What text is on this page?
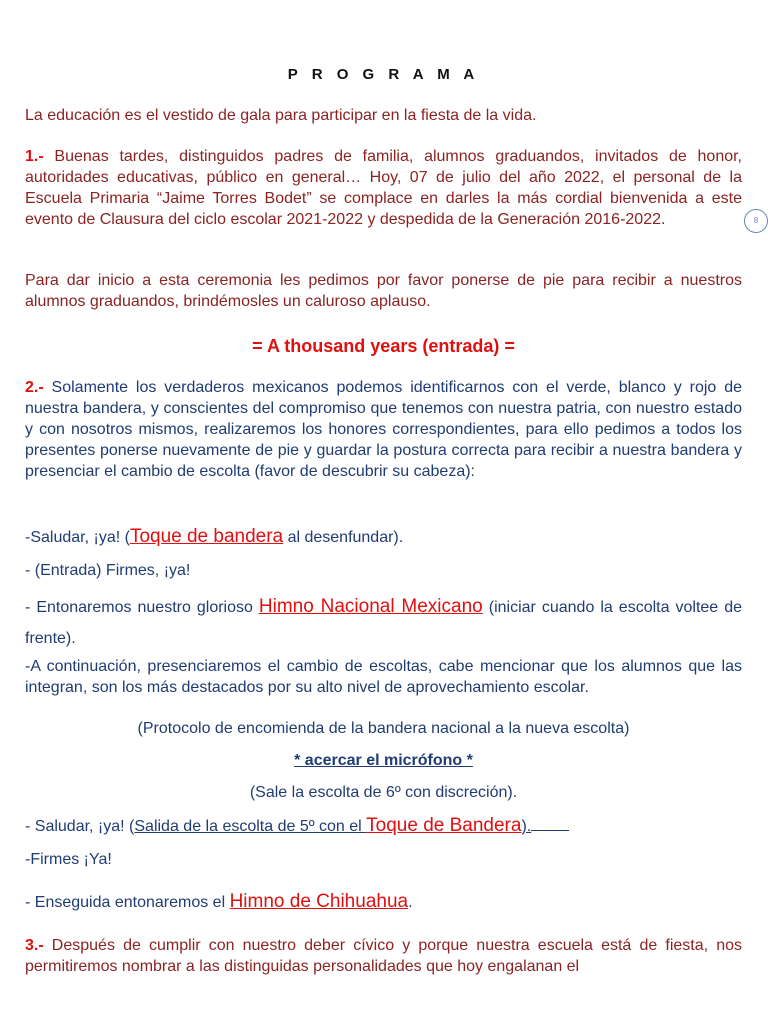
P R O G R A M A

La educación es el vestido de gala para participar en la fiesta de la vida.

1.- Buenas tardes, distinguidos padres de familia, alumnos graduandos, invitados de honor, autoridades educativas, público en general… Hoy, 07 de julio del año 2022, el personal de la Escuela Primaria “Jaime Torres Bodet” se complace en darles la más cordial bienvenida a este evento de Clausura del ciclo escolar 2021-2022 y despedida de la Generación 2016-2022.

Para dar inicio a esta ceremonia les pedimos por favor ponerse de pie para recibir a nuestros alumnos graduandos, brindémosles un caluroso aplauso.

= A thousand years (entrada) =

2.- Solamente los verdaderos mexicanos podemos identificarnos con el verde, blanco y rojo de nuestra bandera, y conscientes del compromiso que tenemos con nuestra patria, con nuestro estado y con nosotros mismos, realizaremos los honores correspondientes, para ello pedimos a todos los presentes ponerse nuevamente de pie y guardar la postura correcta para recibir a nuestra bandera y presenciar el cambio de escolta (favor de descubrir su cabeza):

-Saludar, ¡ya! (Toque de bandera al desenfundar).

- (Entrada) Firmes, ¡ya!

- Entonaremos nuestro glorioso Himno Nacional Mexicano (iniciar cuando la escolta voltee de frente).

-A continuación, presenciaremos el cambio de escoltas, cabe mencionar que los alumnos que las integran, son los más destacados por su alto nivel de aprovechamiento escolar.

(Protocolo de encomienda de la bandera nacional a la nueva escolta)

* acercar el micrófono *

(Sale la escolta de 6º con discreción).

- Saludar, ¡ya! (Salida de la escolta de 5º con el Toque de Bandera).

-Firmes ¡Ya!

- Enseguida entonaremos el Himno de Chihuahua.

3.- Después de cumplir con nuestro deber cívico y porque nuestra escuela está de fiesta, nos permitiremos nombrar a las distinguidas personalidades que hoy engalanan el

8
